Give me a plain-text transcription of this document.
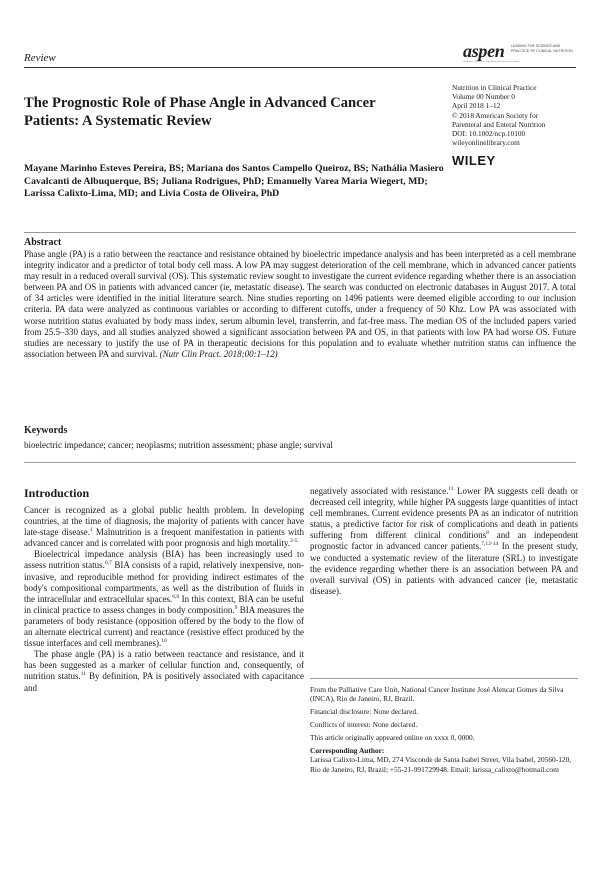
Review	aspen LEADING THE SCIENCE AND PRACTICE OF CLINICAL NUTRITION
American Society for Parenteral and Enteral Nutrition
Nutrition in Clinical Practice
Volume 00 Number 0
April 2018 1–12
© 2018 American Society for
Parenteral and Enteral Nutrition
DOI: 10.1002/ncp.10100
wileyonlinelibrary.com
WILEY
The Prognostic Role of Phase Angle in Advanced Cancer Patients: A Systematic Review
Mayane Marinho Esteves Pereira, BS; Mariana dos Santos Campello Queiroz, BS; Nathália Masiero Cavalcanti de Albuquerque, BS; Juliana Rodrigues, PhD; Emanuelly Varea Maria Wiegert, MD; Larissa Calixto-Lima, MD; and Livia Costa de Oliveira, PhD
Abstract
Phase angle (PA) is a ratio between the reactance and resistance obtained by bioelectric impedance analysis and has been interpreted as a cell membrane integrity indicator and a predictor of total body cell mass. A low PA may suggest deterioration of the cell membrane, which in advanced cancer patients may result in a reduced overall survival (OS). This systematic review sought to investigate the current evidence regarding whether there is an association between PA and OS in patients with advanced cancer (ie, metastatic disease). The search was conducted on electronic databases in August 2017. A total of 34 articles were identified in the initial literature search. Nine studies reporting on 1496 patients were deemed eligible according to our inclusion criteria. PA data were analyzed as continuous variables or according to different cutoffs, under a frequency of 50 Khz. Low PA was associated with worse nutrition status evaluated by body mass index, serum albumin level, transferrin, and fat-free mass. The median OS of the included papers varied from 25.5–330 days, and all studies analyzed showed a significant association between PA and OS, in that patients with low PA had worse OS. Future studies are necessary to justify the use of PA in therapeutic decisions for this population and to evaluate whether nutrition status can influence the association between PA and survival. (Nutr Clin Pract. 2018;00:1–12)
Keywords
bioelectric impedance; cancer; neoplasms; nutrition assessment; phase angle; survival
Introduction

Cancer is recognized as a global public health problem. In developing countries, at the time of diagnosis, the majority of patients with cancer have late-stage disease.$^1$ Malnutrition is a frequent manifestation in patients with advanced cancer and is correlated with poor prognosis and high mortality.$^{2-5}$

Bioelectrical impedance analysis (BIA) has been increasingly used to assess nutrition status.$^{6,7}$ BIA consists of a rapid, relatively inexpensive, non-invasive, and reproducible method for providing indirect estimates of the body's compositional compartments, as well as the distribution of fluids in the intracellular and extracellular spaces.$^{6,8}$ In this context, BIA can be useful in clinical practice to assess changes in body composition.$^9$ BIA measures the parameters of body resistance (opposition offered by the body to the flow of an alternate electrical current) and reactance (resistive effect produced by the tissue interfaces and cell membranes).$^{10}$

The phase angle (PA) is a ratio between reactance and resistance, and it has been suggested as a marker of cellular function and, consequently, of nutrition status.$^{11}$ By definition, PA is positively associated with capacitance and

negatively associated with resistance.$^{11}$ Lower PA suggests cell death or decreased cell integrity, while higher PA suggests large quantities of intact cell membranes. Current evidence presents PA as an indicator of nutrition status, a predictive factor for risk of complications and death in patients suffering from different clinical conditions$^8$ and an independent prognostic factor in advanced cancer patients.$^{7,12-14}$ In the present study, we conducted a systematic review of the literature (SRL) to investigate the evidence regarding whether there is an association between PA and overall survival (OS) in patients with advanced cancer (ie, metastatic disease).

From the Palliative Care Unit, National Cancer Institute José Alencar Gomes da Silva (INCA), Rio de Janeiro, RJ, Brazil.
Financial disclosure: None declared.
Conflicts of interest: None declared.
This article originally appeared online on xxxx 0, 0000.
Corresponding Author:
Larissa Calixto-Lima, MD, 274 Visconde de Santa Isabel Street, Vila Isabel, 20560-120, Rio de Janeiro, RJ, Brazil; +55-21-991729948. Email: larissa_calixto@hotmail.com
